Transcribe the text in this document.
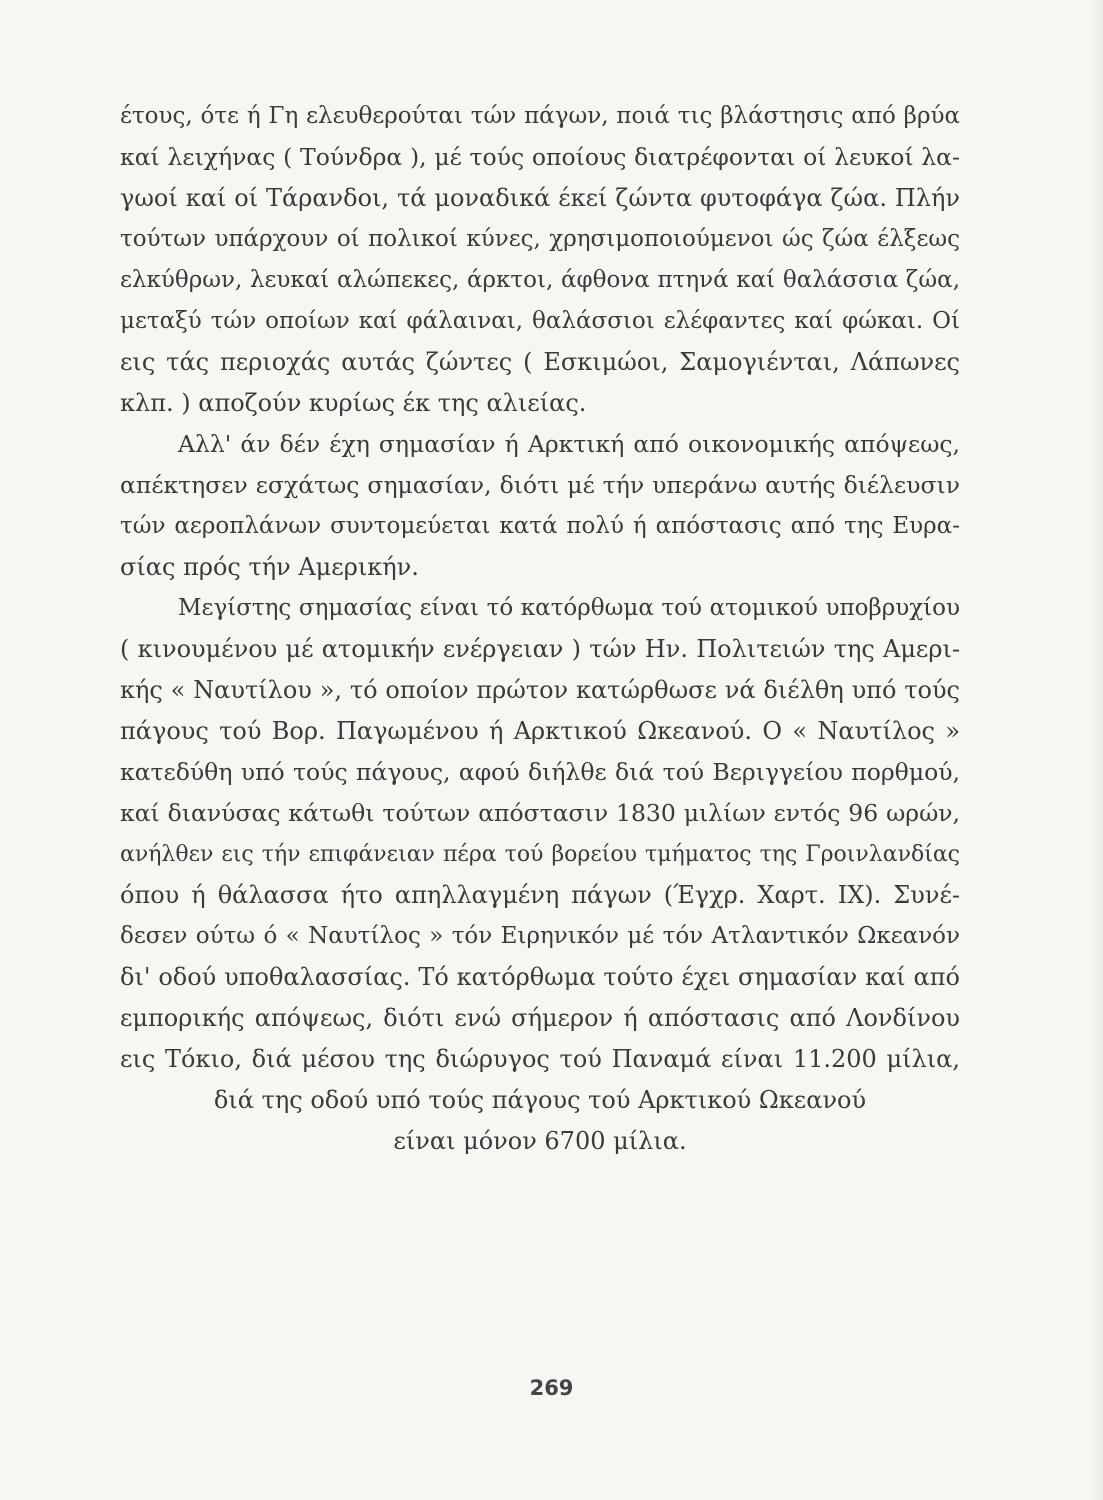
έτους, ότε ή Γη ελευθερούται τών πάγων, ποιά τις βλάστησις από βρύα
καί λειχήνας ( Τούνδρα ), μέ τούς οποίους διατρέφονται οί λευκοί λα-
γωοί καί οί Τάρανδοι, τά μοναδικά έκεί ζώντα φυτοφάγα ζώα. Πλήν
τούτων υπάρχουν οί πολικοί κύνες, χρησιμοποιούμενοι ώς ζώα έλξεως
ελκύθρων, λευκαί αλώπεκες, άρκτοι, άφθονα πτηνά καί θαλάσσια ζώα,
μεταξύ τών οποίων καί φάλαιναι, θαλάσσιοι ελέφαντες καί φώκαι. Οί
εις τάς περιοχάς αυτάς ζώντες ( Εσκιμώοι, Σαμογιένται, Λάπωνες
κλπ. ) αποζούν κυρίως έκ της αλιείας.
Αλλ' άν δέν έχη σημασίαν ή Αρκτική από οικονομικής απόψεως,
απέκτησεν εσχάτως σημασίαν, διότι μέ τήν υπεράνω αυτής διέλευσιν
τών αεροπλάνων συντομεύεται κατά πολύ ή απόστασις από της Ευρα-
σίας πρός τήν Αμερικήν.
Μεγίστης σημασίας είναι τό κατόρθωμα τού ατομικού υποβρυχίου
( κινουμένου μέ ατομικήν ενέργειαν ) τών Ην. Πολιτειών της Αμερι-
κής « Ναυτίλου », τό οποίον πρώτον κατώρθωσε νά διέλθη υπό τούς
πάγους τού Βορ. Παγωμένου ή Αρκτικού Ωκεανού. Ο « Ναυτίλος »
κατεδύθη υπό τούς πάγους, αφού διήλθε διά τού Βεριγγείου πορθμού,
καί διανύσας κάτωθι τούτων απόστασιν 1830 μιλίων εντός 96 ωρών,
ανήλθεν εις τήν επιφάνειαν πέρα τού βορείου τμήματος της Γροινλανδίας
όπου ή θάλασσα ήτο απηλλαγμένη πάγων (Έγχρ. Χαρτ. IX). Συνέ-
δεσεν ούτω ό « Ναυτίλος » τόν Ειρηνικόν μέ τόν Ατλαντικόν Ωκεανόν
δι' οδού υποθαλασσίας. Τό κατόρθωμα τούτο έχει σημασίαν καί από
εμπορικής απόψεως, διότι ενώ σήμερον ή απόστασις από Λονδίνου
εις Τόκιο, διά μέσου της διώρυγος τού Παναμά είναι 11.200 μίλια,
διά της οδού υπό τούς πάγους τού Αρκτικού Ωκεανού
είναι μόνον 6700 μίλια.
269
